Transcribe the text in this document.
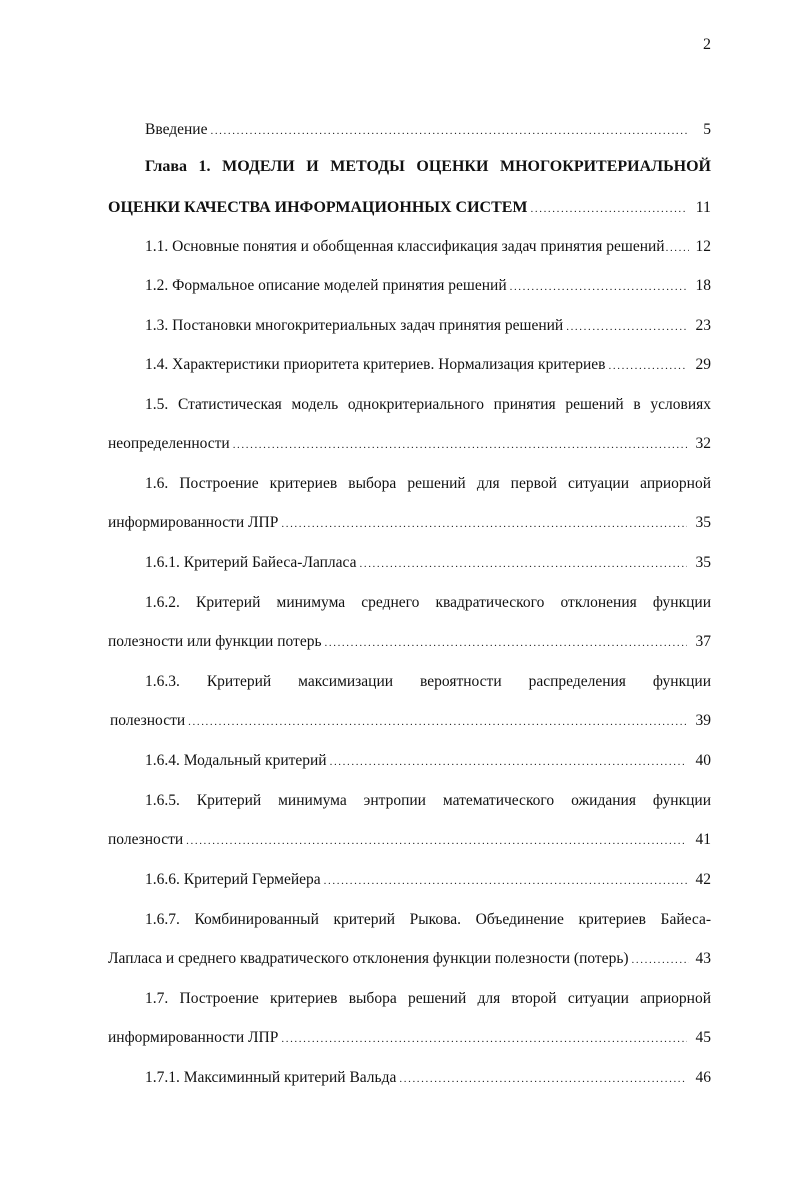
2
Введение .....	5
Глава 1. МОДЕЛИ И МЕТОДЫ ОЦЕНКИ МНОГОКРИТЕРИАЛЬНОЙ
ОЦЕНКИ КАЧЕСТВА ИНФОРМАЦИОННЫХ СИСТЕМ .....	11
1.1. Основные понятия и обобщенная классификация задач принятия решений ..... 12
1.2. Формальное описание моделей принятия решений .....	18
1.3. Постановки многокритериальных задач принятия решений .....	23
1.4. Характеристики приоритета критериев. Нормализация критериев .....	29
1.5. Статистическая модель однокритериального принятия решений в условиях
неопределенности .....	32
1.6. Построение критериев выбора решений для первой ситуации априорной
информированности ЛПР .....	35
1.6.1. Критерий Байеса-Лапласа .....	35
1.6.2. Критерий минимума среднего квадратического отклонения функции
полезности или функции потерь .....	37
1.6.3. Критерий максимизации вероятности распределения функции
полезности .....	39
1.6.4. Модальный критерий .....	40
1.6.5. Критерий минимума энтропии математического ожидания функции
полезности .....	41
1.6.6. Критерий Гермейера .....	42
1.6.7. Комбинированный критерий Рыкова. Объединение критериев Байеса-
Лапласа и среднего квадратического отклонения функции полезности (потерь) .....	43
1.7. Построение критериев выбора решений для второй ситуации априорной
информированности ЛПР .....	45
1.7.1. Максиминный критерий Вальда .....	46
